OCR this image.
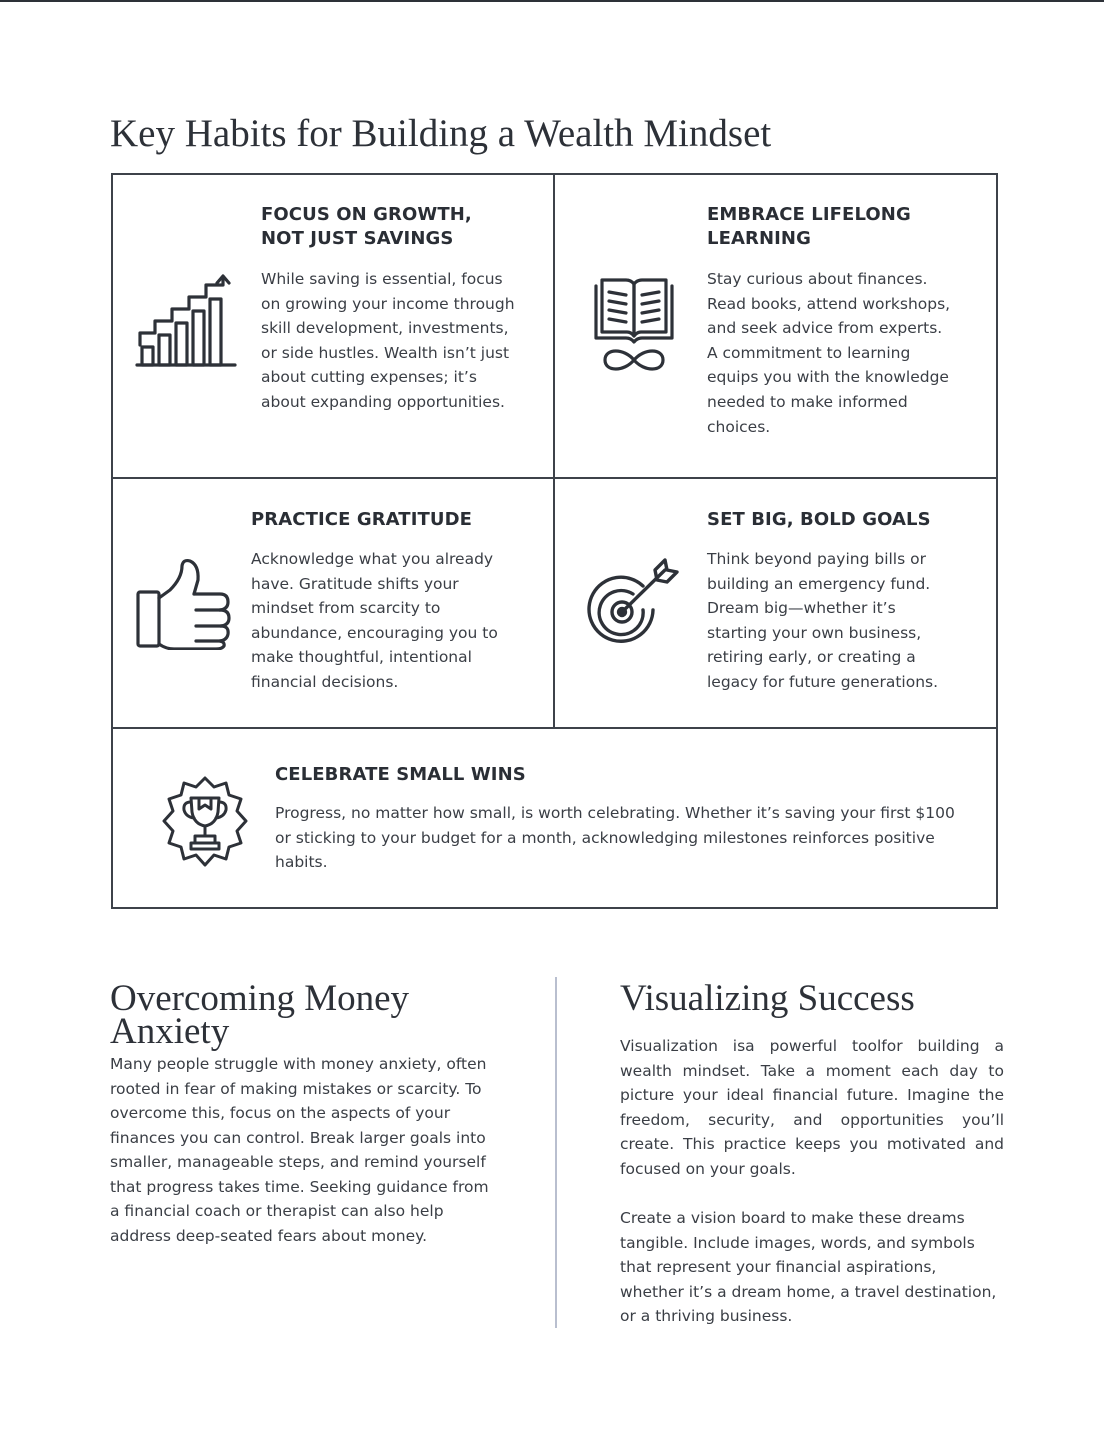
Key Habits for Building a Wealth Mindset

FOCUS ON GROWTH,
NOT JUST SAVINGS

While saving is essential, focus on growing your income through skill development, investments, or side hustles. Wealth isn’t just about cutting expenses; it’s about expanding opportunities.

EMBRACE LIFELONG
LEARNING

Stay curious about finances. Read books, attend workshops, and seek advice from experts. A commitment to learning equips you with the knowledge needed to make informed choices.

PRACTICE GRATITUDE

Acknowledge what you already have. Gratitude shifts your mindset from scarcity to abundance, encouraging you to make thoughtful, intentional financial decisions.

SET BIG, BOLD GOALS

Think beyond paying bills or building an emergency fund. Dream big—whether it’s starting your own business, retiring early, or creating a legacy for future generations.

CELEBRATE SMALL WINS

Progress, no matter how small, is worth celebrating. Whether it’s saving your first $100 or sticking to your budget for a month, acknowledging milestones reinforces positive habits.

Overcoming Money
Anxiety

Many people struggle with money anxiety, often rooted in fear of making mistakes or scarcity. To overcome this, focus on the aspects of your finances you can control. Break larger goals into smaller, manageable steps, and remind yourself that progress takes time. Seeking guidance from a financial coach or therapist can also help address deep-seated fears about money.

Visualizing Success

Visualization isa powerful toolfor building a wealth mindset. Take a moment each day to picture your ideal financial future. Imagine the freedom, security, and opportunities you’ll create. This practice keeps you motivated and focused on your goals.

Create a vision board to make these dreams tangible. Include images, words, and symbols that represent your financial aspirations, whether it’s a dream home, a travel destination, or a thriving business.
